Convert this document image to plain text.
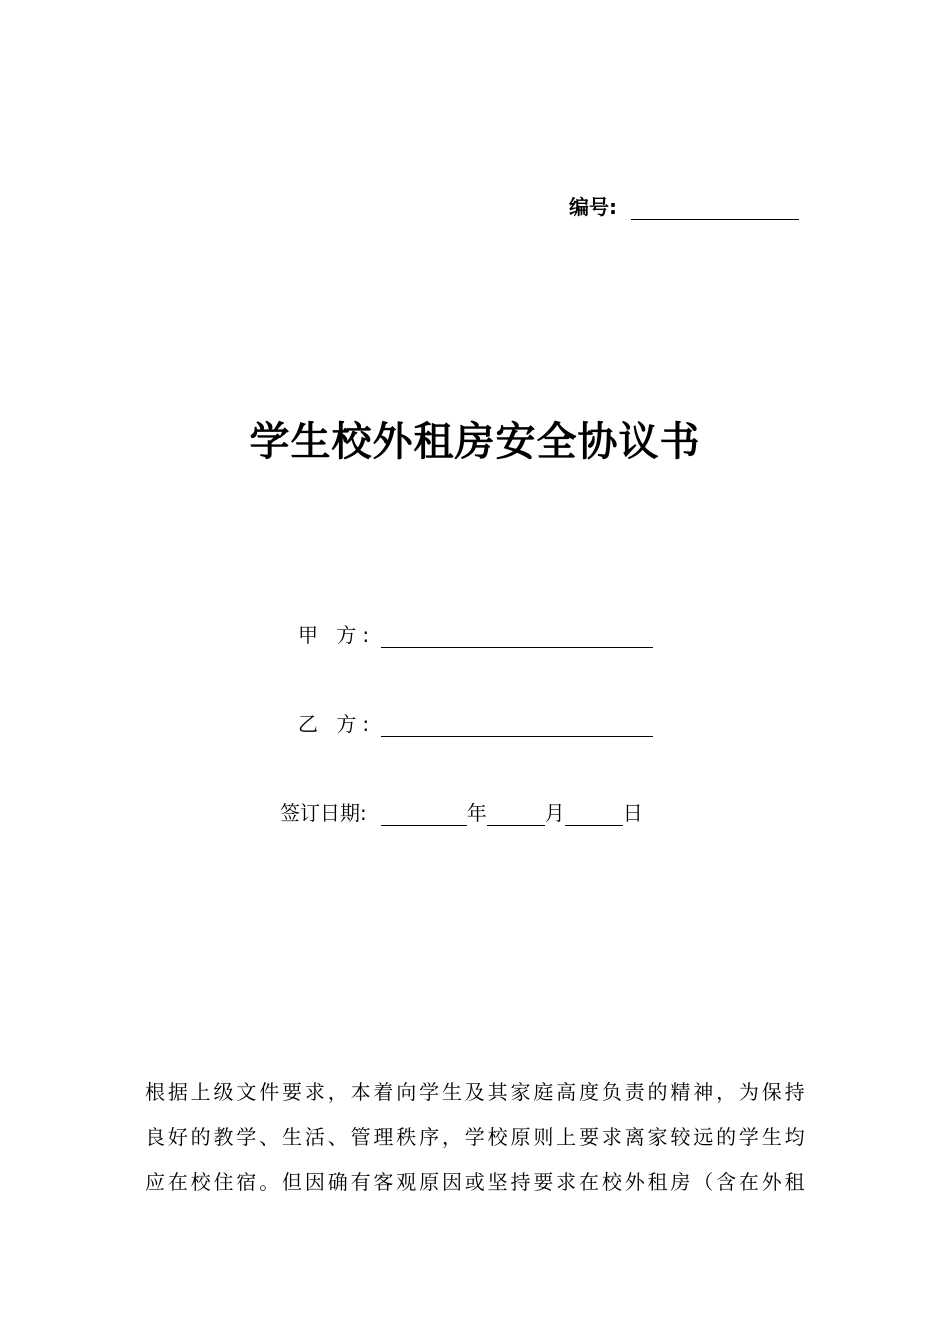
编号:
学生校外租房安全协议书
甲 方:
乙 方:
签订日期:	年	月	日
根据上级文件要求，本着向学生及其家庭高度负责的精神，为保持
良好的教学、生活、管理秩序，学校原则上要求离家较远的学生均
应在校住宿。但因确有客观原因或坚持要求在校外租房（含在外租
